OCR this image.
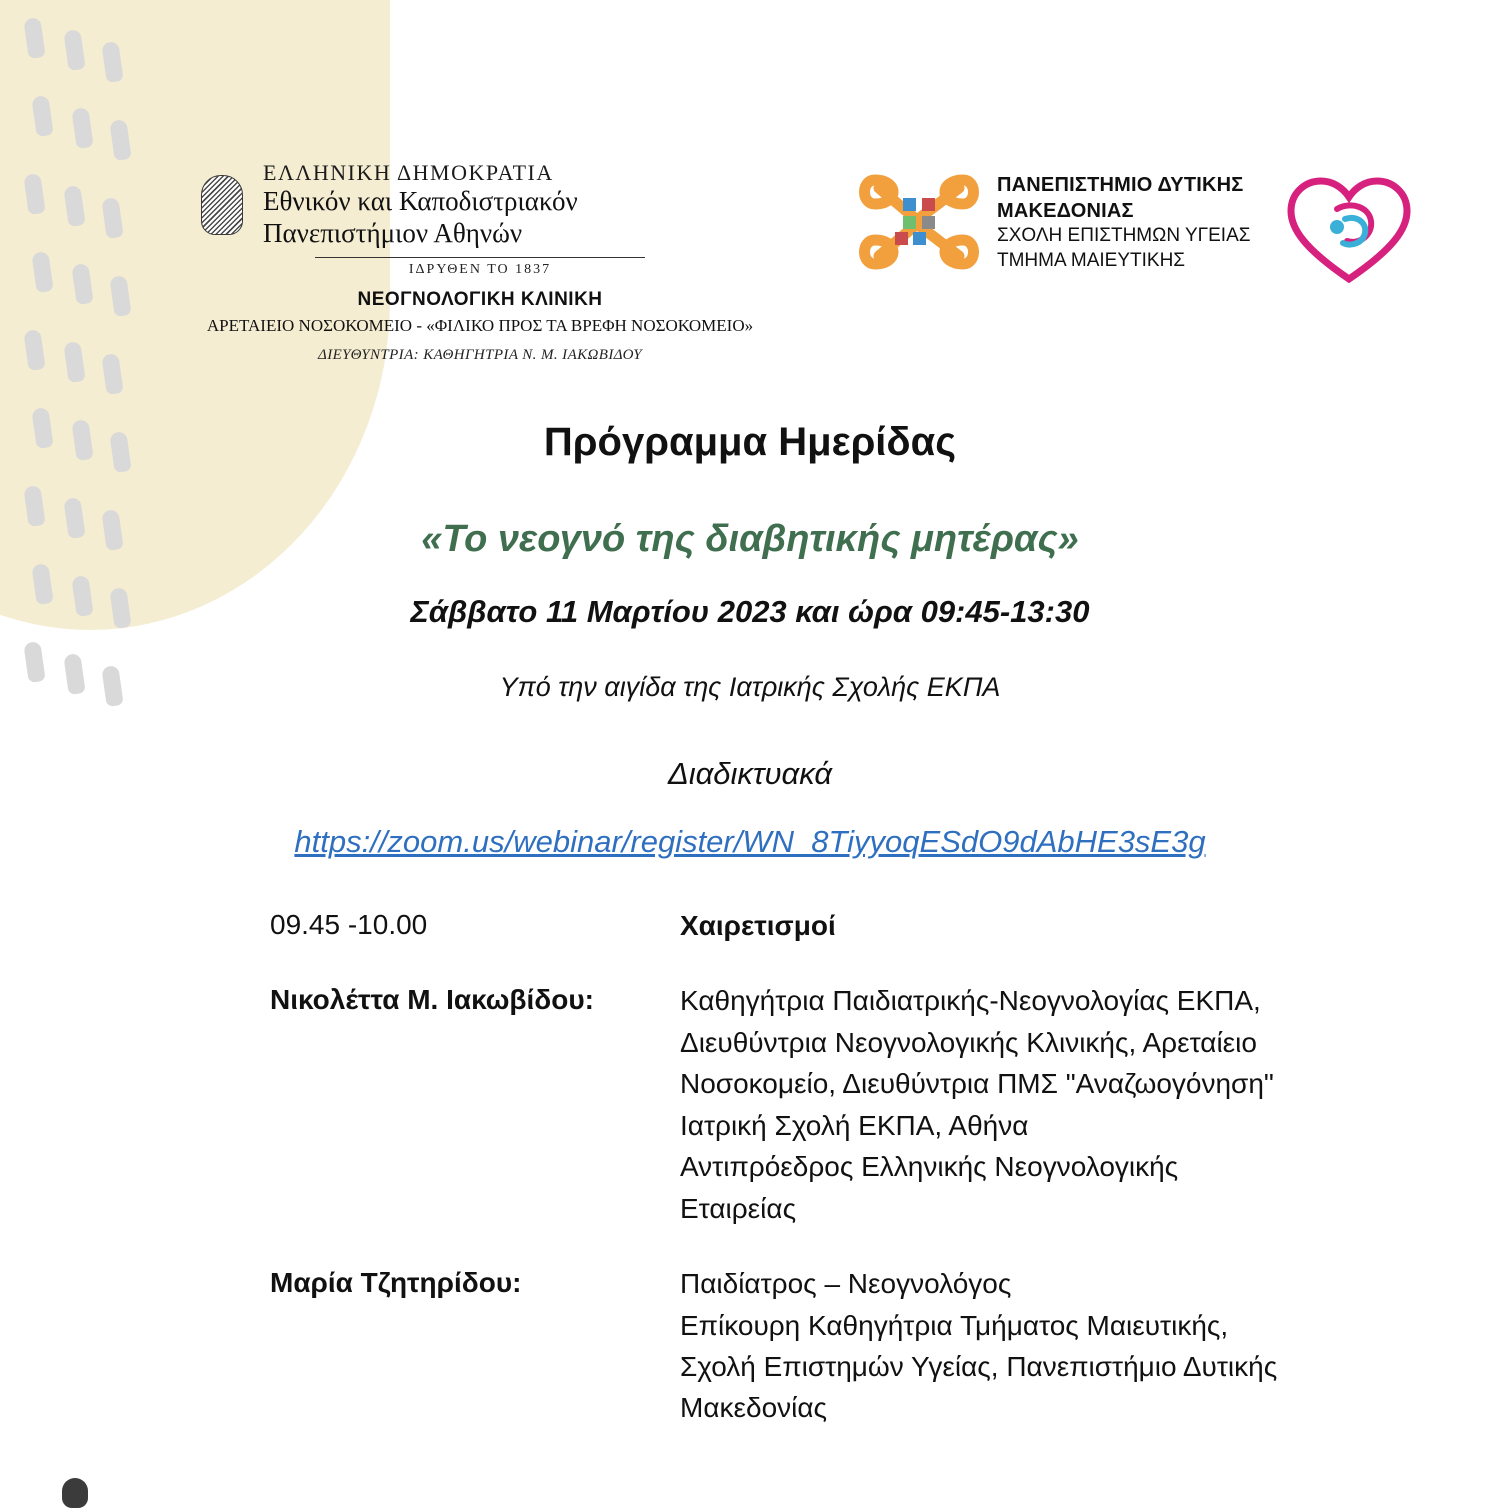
ΕΛΛΗΝΙΚΗ ΔΗΜΟΚΡΑΤΙΑ
Εθνικόν και Καποδιστριακόν
Πανεπιστήμιον Αθηνών
ΙΔΡΥΘΕΝ ΤΟ 1837
ΝΕΟΓΝΟΛΟΓΙΚΗ ΚΛΙΝΙΚΗ
ΑΡΕΤΑΙΕΙΟ ΝΟΣΟΚΟΜΕΙΟ - «ΦΙΛΙΚΟ ΠΡΟΣ ΤΑ ΒΡΕΦΗ ΝΟΣΟΚΟΜΕΙΟ»
ΔΙΕΥΘΥΝΤΡΙΑ: ΚΑΘΗΓΗΤΡΙΑ Ν. Μ. ΙΑΚΩΒΙΔΟΥ
ΠΑΝΕΠΙΣΤΗΜΙΟ ΔΥΤΙΚΗΣ
ΜΑΚΕΔΟΝΙΑΣ
ΣΧΟΛΗ ΕΠΙΣΤΗΜΩΝ ΥΓΕΙΑΣ
ΤΜΗΜΑ ΜΑΙΕΥΤΙΚΗΣ
Πρόγραμμα Ημερίδας
«Το νεογνό της διαβητικής μητέρας»
Σάββατο 11 Μαρτίου 2023 και ώρα 09:45-13:30
Υπό την αιγίδα της Ιατρικής Σχολής ΕΚΠΑ
Διαδικτυακά
https://zoom.us/webinar/register/WN_8TiyyoqESdO9dAbHE3sE3g
09.45 -10.00	Χαιρετισμοί
Νικολέττα Μ. Ιακωβίδου:	Καθηγήτρια Παιδιατρικής-Νεογνολογίας ΕΚΠΑ,
Διευθύντρια Νεογνολογικής Κλινικής, Αρεταίειο
Νοσοκομείο, Διευθύντρια ΠΜΣ "Αναζωογόνηση"
Ιατρική Σχολή ΕΚΠΑ, Αθήνα
Αντιπρόεδρος Ελληνικής Νεογνολογικής
Εταιρείας
Μαρία Τζητηρίδου:	Παιδίατρος – Νεογνολόγος
Επίκουρη Καθηγήτρια Τμήματος Μαιευτικής,
Σχολή Επιστημών Υγείας, Πανεπιστήμιο Δυτικής
Μακεδονίας
